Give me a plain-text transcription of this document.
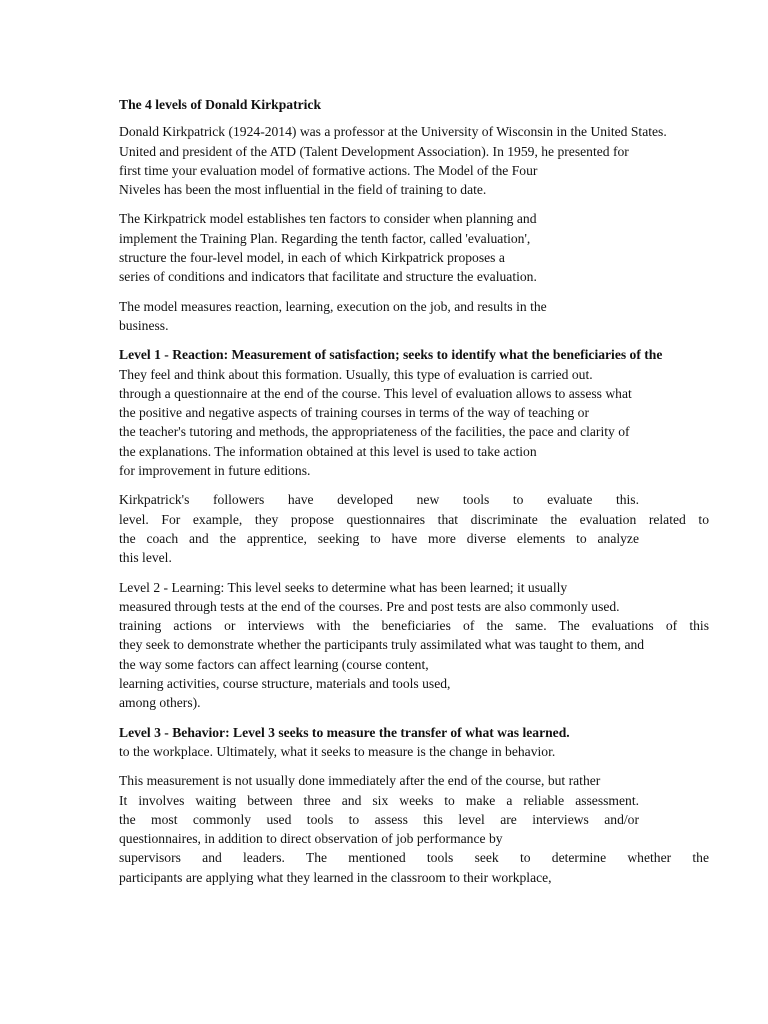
The 4 levels of Donald Kirkpatrick
Donald Kirkpatrick (1924-2014) was a professor at the University of Wisconsin in the United States.
United and president of the ATD (Talent Development Association). In 1959, he presented for
first time your evaluation model of formative actions. The Model of the Four
Niveles has been the most influential in the field of training to date.
The Kirkpatrick model establishes ten factors to consider when planning and
implement the Training Plan. Regarding the tenth factor, called 'evaluation',
structure the four-level model, in each of which Kirkpatrick proposes a
series of conditions and indicators that facilitate and structure the evaluation.
The model measures reaction, learning, execution on the job, and results in the
business.
Level 1 - Reaction: Measurement of satisfaction; seeks to identify what the beneficiaries of the
They feel and think about this formation. Usually, this type of evaluation is carried out.
through a questionnaire at the end of the course. This level of evaluation allows to assess what
the positive and negative aspects of training courses in terms of the way of teaching or
the teacher's tutoring and methods, the appropriateness of the facilities, the pace and clarity of
the explanations. The information obtained at this level is used to take action
for improvement in future editions.
Kirkpatrick's followers have developed new tools to evaluate this.
level. For example, they propose questionnaires that discriminate the evaluation related to
the coach and the apprentice, seeking to have more diverse elements to analyze
this level.
Level 2 - Learning: This level seeks to determine what has been learned; it usually
measured through tests at the end of the courses. Pre and post tests are also commonly used.
training actions or interviews with the beneficiaries of the same. The evaluations of this
they seek to demonstrate whether the participants truly assimilated what was taught to them, and
the way some factors can affect learning (course content,
learning activities, course structure, materials and tools used,
among others).
Level 3 - Behavior: Level 3 seeks to measure the transfer of what was learned.
to the workplace. Ultimately, what it seeks to measure is the change in behavior.
This measurement is not usually done immediately after the end of the course, but rather
It involves waiting between three and six weeks to make a reliable assessment.
the most commonly used tools to assess this level are interviews and/or
questionnaires, in addition to direct observation of job performance by
supervisors and leaders. The mentioned tools seek to determine whether the
participants are applying what they learned in the classroom to their workplace,
